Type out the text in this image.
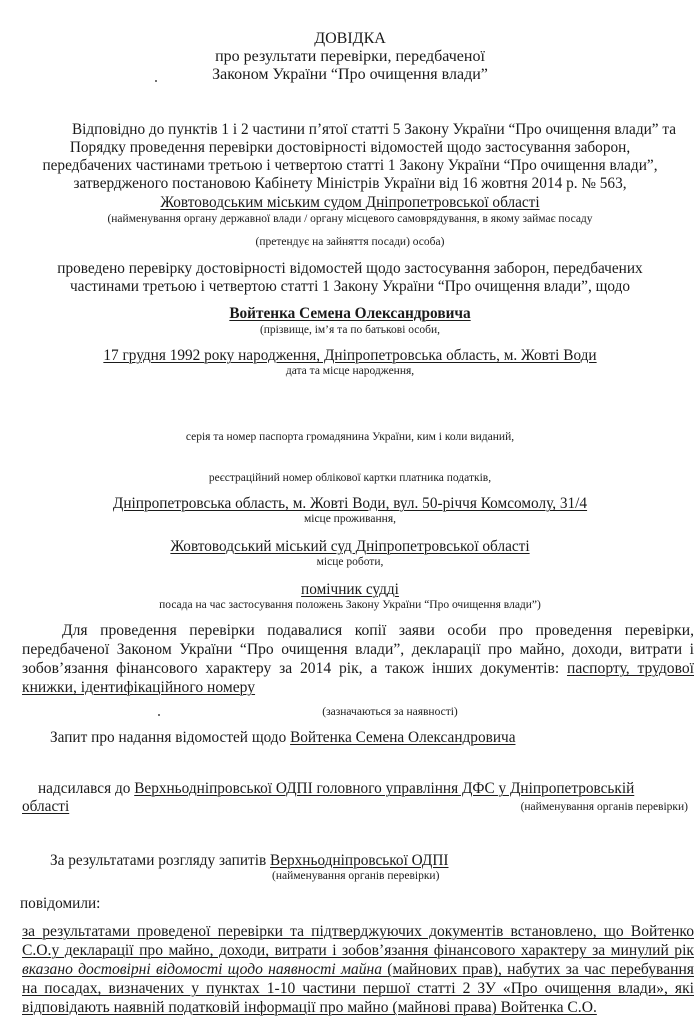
ДОВІДКА
про результати перевірки, передбаченої
Законом України “Про очищення влади”
Відповідно до пунктів 1 і 2 частини п’ятої статті 5 Закону України “Про очищення влади” та
Порядку проведення перевірки достовірності відомостей щодо застосування заборон,
передбачених частинами третьою і четвертою статті 1 Закону України “Про очищення влади”,
затвердженого постановою Кабінету Міністрів України від 16 жовтня 2014 р. № 563,
Жовтоводським міським судом Дніпропетровської області
(найменування органу державної влади / органу місцевого самоврядування, в якому займає посаду
(претендує на зайняття посади) особа)
проведено перевірку достовірності відомостей щодо застосування заборон, передбачених
частинами третьою і четвертою статті 1 Закону України “Про очищення влади”, щодо
Войтенка Семена Олександровича
(прізвище, ім’я та по батькові особи,
17 грудня 1992 року народження, Дніпропетровська область, м. Жовті Води
дата та місце народження,
серія та номер паспорта громадянина України, ким і коли виданий,
реєстраційний номер облікової картки платника податків,
Дніпропетровська область, м. Жовті Води, вул. 50-річчя Комсомолу, 31/4
місце проживання,
Жовтоводський міський суд Дніпропетровської області
місце роботи,
помічник судді
посада на час застосування положень Закону України “Про очищення влади”)
Для проведення перевірки подавалися копії заяви особи про проведення перевірки,
передбаченої Законом України “Про очищення влади”, декларації про майно, доходи, витрати і
зобов’язання фінансового характеру за 2014 рік, а також інших документів: паспорту, трудової
книжки, ідентифікаційного номеру
(зазначаються за наявності)
Запит про надання відомостей щодо Войтенка Семена Олександровича
надсилався до Верхньодніпровської ОДПІ головного управління ДФС у Дніпропетровській
області	(найменування органів перевірки)
За результатами розгляду запитів Верхньодніпровської ОДПІ
(найменування органів перевірки)
повідомили:
за результатами проведеної перевірки та підтверджуючих документів встановлено, що Войтенко
С.О.у декларації про майно, доходи, витрати і зобов’язання фінансового характеру за минулий рік
вказано достовірні відомості щодо наявності майна (майнових прав), набутих за час перебування
на посадах, визначених у пунктах 1-10 частини першої статті 2 ЗУ «Про очищення влади», які
відповідають наявній податковій інформації про майно (майнові права) Войтенка С.О.
